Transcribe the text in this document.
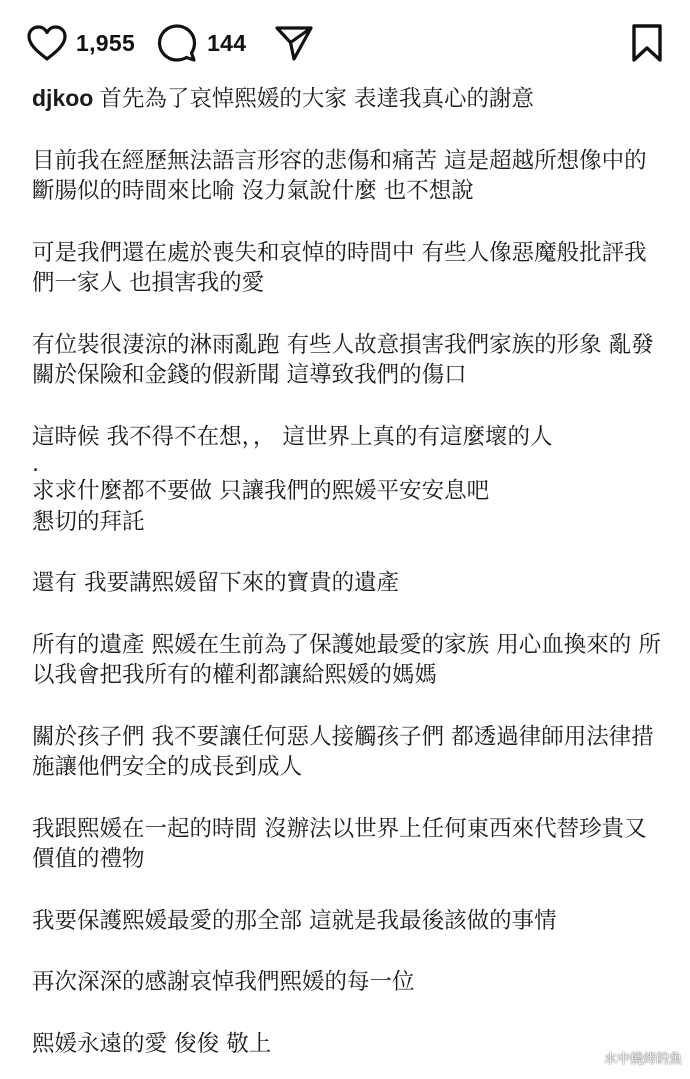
1,955	144

djkoo 首先為了哀悼熙媛的大家 表達我真心的謝意

目前我在經歷無法語言形容的悲傷和痛苦 這是超越所想像中的斷腸似的時間來比喻 沒力氣說什麼 也不想說

可是我們還在處於喪失和哀悼的時間中 有些人像惡魔般批評我們一家人 也損害我的愛

有位裝很淒涼的淋雨亂跑 有些人故意損害我們家族的形象 亂發關於保險和金錢的假新聞 這導致我們的傷口

這時候 我不得不在想，， 這世界上真的有這麼壞的人

.

求求什麼都不要做 只讓我們的熙媛平安安息吧

懇切的拜託

還有 我要講熙媛留下來的寶貴的遺產

所有的遺產 熙媛在生前為了保護她最愛的家族 用心血換來的 所以我會把我所有的權利都讓給熙媛的媽媽

關於孩子們 我不要讓任何惡人接觸孩子們 都透過律師用法律措施讓他們安全的成長到成人

我跟熙媛在一起的時間 沒辦法以世界上任何東西來代替珍貴又價值的禮物

我要保護熙媛最愛的那全部 這就是我最後該做的事情

再次深深的感謝哀悼我們熙媛的每一位

熙媛永遠的愛 俊俊 敬上

水中燒烤的魚
